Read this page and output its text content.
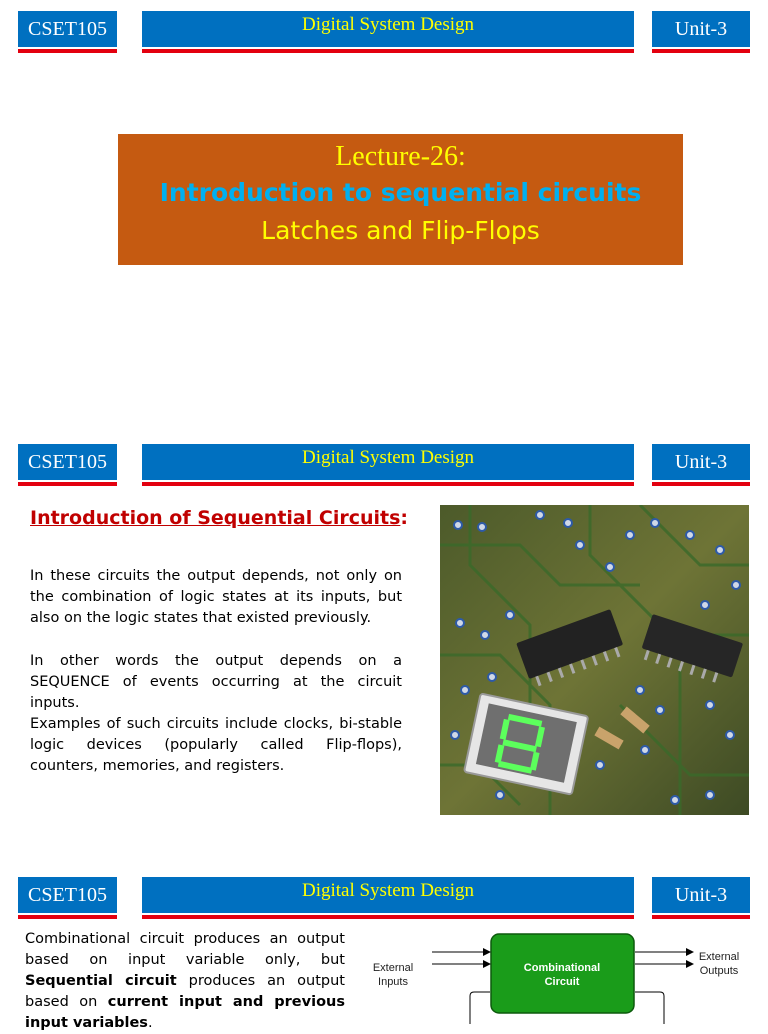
CSET105	Digital System Design	Unit-3
Lecture-26:
Introduction to sequential circuits
Latches and Flip-Flops
CSET105	Digital System Design	Unit-3
Introduction of Sequential Circuits:
In these circuits the output depends, not only on the combination of logic states at its inputs, but also on the logic states that existed previously.
In other words the output depends on a SEQUENCE of events occurring at the circuit inputs.
Examples of such circuits include clocks, bi-stable logic devices (popularly called Flip-flops), counters, memories, and registers.
CSET105	Digital System Design	Unit-3
Combinational circuit produces an output based on input variable only, but Sequential circuit produces an output based on current input and previous input variables.
Combinational
Circuit
External
Inputs
External
Outputs
